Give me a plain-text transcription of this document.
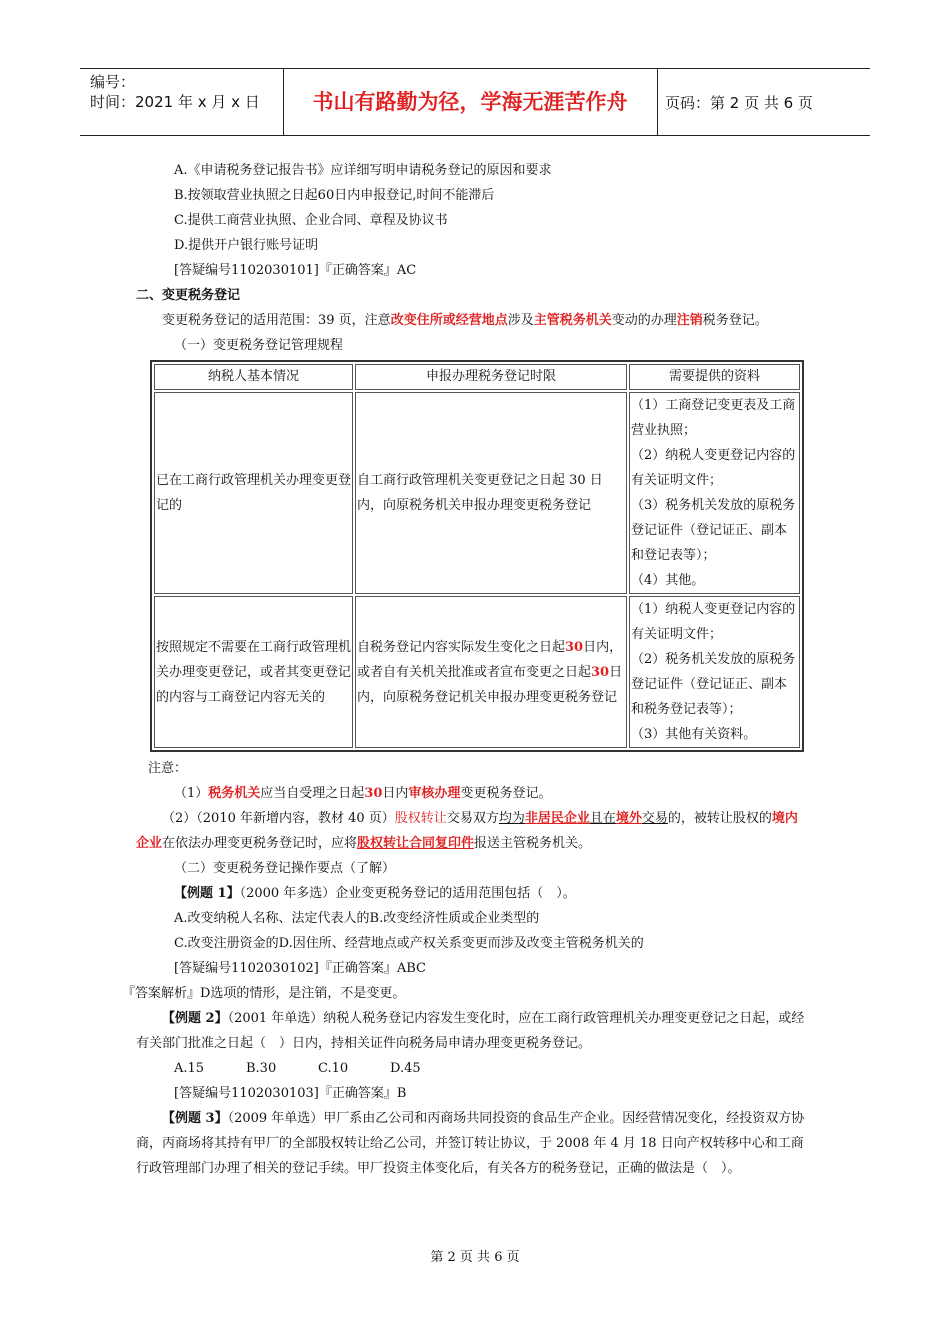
编号：
时间：2021 年 x 月 x 日	书山有路勤为径，学海无涯苦作舟	页码：第 2 页 共 6 页

A.《申请税务登记报告书》应详细写明申请税务登记的原因和要求

B.按领取营业执照之日起60日内申报登记,时间不能滞后

C.提供工商营业执照、企业合同、章程及协议书

D.提供开户银行账号证明

[答疑编号1102030101]『正确答案』AC

二、变更税务登记

变更税务登记的适用范围：39 页，注意改变住所或经营地点涉及主管税务机关变动的办理注销税务登记。

（一）变更税务登记管理规程

纳税人基本情况	申报办理税务登记时限	需要提供的资料
已在工商行政管理机关办理变更登记的	自工商行政管理机关变更登记之日起 30 日内，向原税务机关申报办理变更税务登记	（1）工商登记变更表及工商营业执照；
（2）纳税人变更登记内容的有关证明文件；
（3）税务机关发放的原税务登记证件（登记证正、副本和登记表等）；
（4）其他。

按照规定不需要在工商行政管理机关办理变更登记，或者其变更登记的内容与工商登记内容无关的	自税务登记内容实际发生变化之日起30日内，或者自有关机关批准或者宣布变更之日起30日内，向原税务登记机关申报办理变更税务登记	（1）纳税人变更登记内容的有关证明文件；
（2）税务机关发放的原税务登记证件（登记证正、副本和税务登记表等）；
（3）其他有关资料。

注意：

（1）税务机关应当自受理之日起30日内审核办理变更税务登记。

（2）（2010 年新增内容，教材 40 页）股权转让交易双方均为非居民企业且在境外交易的，被转让股权的境内企业在依法办理变更税务登记时，应将股权转让合同复印件报送主管税务机关。

（二）变更税务登记操作要点（了解）

【例题 1】（2000 年多选）企业变更税务登记的适用范围包括（　）。

A.改变纳税人名称、法定代表人的B.改变经济性质或企业类型的

C.改变注册资金的D.因住所、经营地点或产权关系变更而涉及改变主管税务机关的

[答疑编号1102030102]『正确答案』ABC

『答案解析』D选项的情形，是注销，不是变更。

【例题 2】（2001 年单选）纳税人税务登记内容发生变化时，应在工商行政管理机关办理变更登记之日起，或经有关部门批准之日起（　）日内，持相关证件向税务局申请办理变更税务登记。

A.15	B.30	C.10	D.45

[答疑编号1102030103]『正确答案』B

【例题 3】（2009 年单选）甲厂系由乙公司和丙商场共同投资的食品生产企业。因经营情况变化，经投资双方协商，丙商场将其持有甲厂的全部股权转让给乙公司，并签订转让协议，于 2008 年 4 月 18 日向产权转移中心和工商行政管理部门办理了相关的登记手续。甲厂投资主体变化后，有关各方的税务登记，正确的做法是（　）。

第 2 页 共 6 页
